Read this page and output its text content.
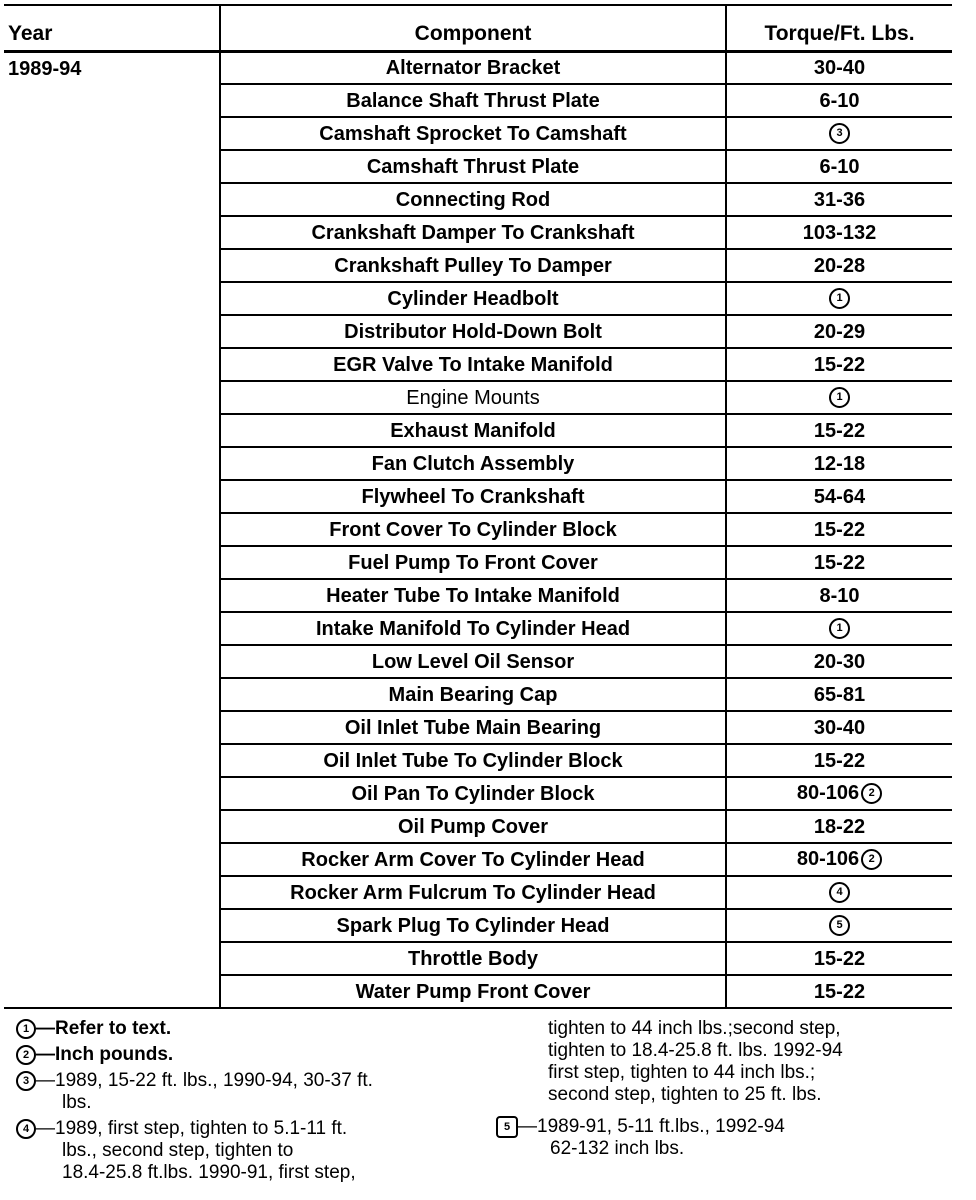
Year	Component	Torque/Ft. Lbs.
1989-94	Alternator Bracket	30-40
	Balance Shaft Thrust Plate	6-10
	Camshaft Sprocket To Camshaft	3
	Camshaft Thrust Plate	6-10
	Connecting Rod	31-36
	Crankshaft Damper To Crankshaft	103-132
	Crankshaft Pulley To Damper	20-28
	Cylinder Headbolt	1
	Distributor Hold-Down Bolt	20-29
	EGR Valve To Intake Manifold	15-22
	Engine Mounts	1
	Exhaust Manifold	15-22
	Fan Clutch Assembly	12-18
	Flywheel To Crankshaft	54-64
	Front Cover To Cylinder Block	15-22
	Fuel Pump To Front Cover	15-22
	Heater Tube To Intake Manifold	8-10
	Intake Manifold To Cylinder Head	1
	Low Level Oil Sensor	20-30
	Main Bearing Cap	65-81
	Oil Inlet Tube Main Bearing	30-40
	Oil Inlet Tube To Cylinder Block	15-22
	Oil Pan To Cylinder Block	80-106 2
	Oil Pump Cover	18-22
	Rocker Arm Cover To Cylinder Head	80-106 2
	Rocker Arm Fulcrum To Cylinder Head	4
	Spark Plug To Cylinder Head	5
	Throttle Body	15-22
	Water Pump Front Cover	15-22
1 —Refer to text.
2 —Inch pounds.
3 —1989, 15-22 ft. lbs., 1990-94, 30-37 ft.
lbs.
4 —1989, first step, tighten to 5.1-11 ft.
lbs., second step, tighten to
18.4-25.8 ft.lbs. 1990-91, first step,
tighten to 44 inch lbs.;second step,
tighten to 18.4-25.8 ft. lbs. 1992-94
first step, tighten to 44 inch lbs.;
second step, tighten to 25 ft. lbs.
5 —1989-91, 5-11 ft.lbs., 1992-94
62-132 inch lbs.
